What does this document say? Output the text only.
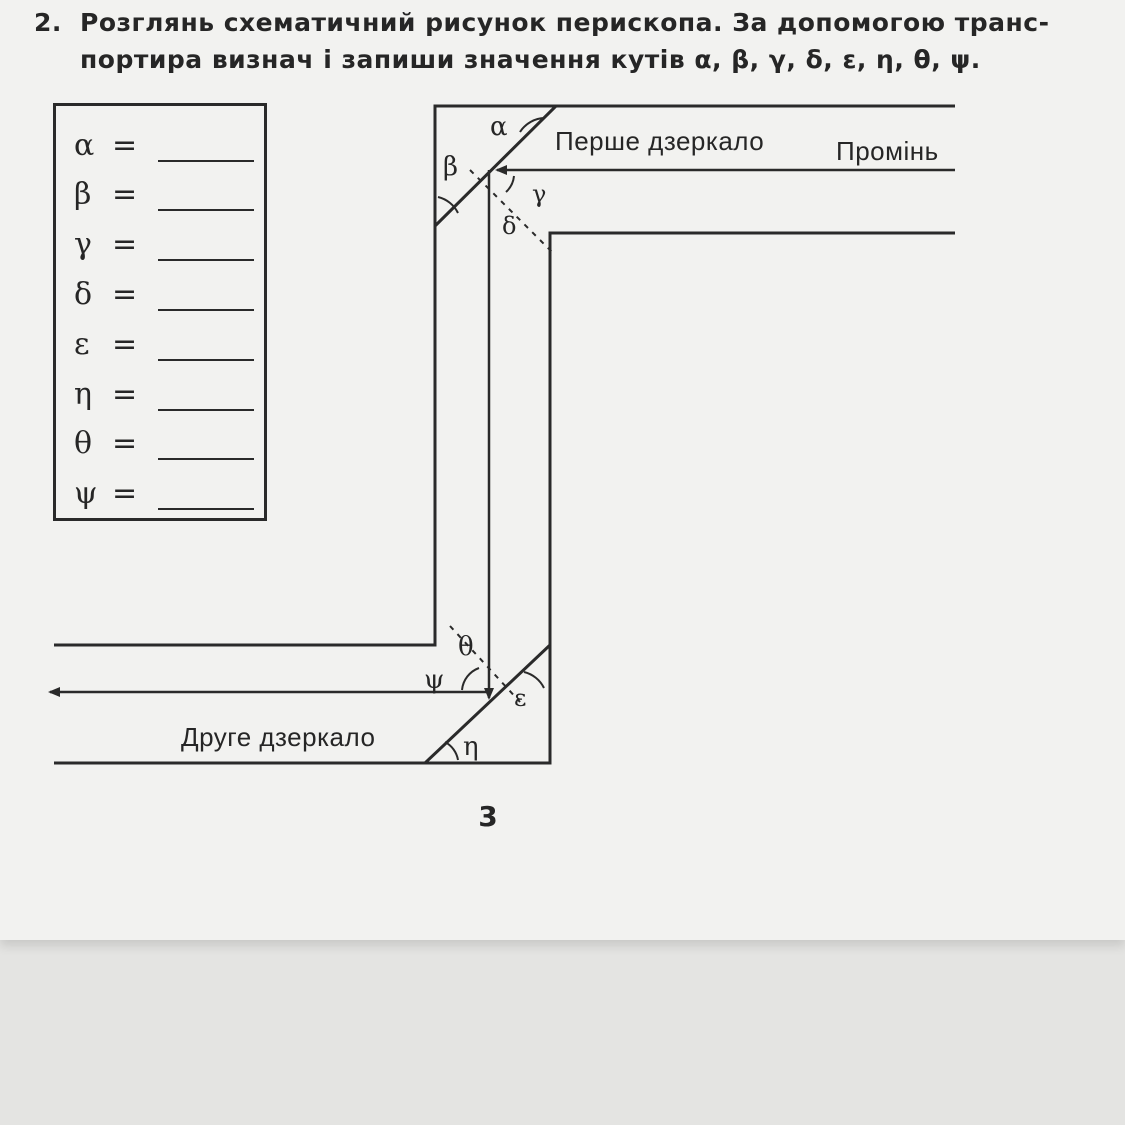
2. Розглянь схематичний рисунок перископа. За допомогою транс-
портира визнач і запиши значення кутів α, β, γ, δ, ε, η, θ, ψ.
α =
β =
γ =
δ =
ε =
η =
θ =
ψ =
α
β
γ
δ
θ
ψ
ε
η
Перше дзеркало	Промінь
Друге дзеркало
3
